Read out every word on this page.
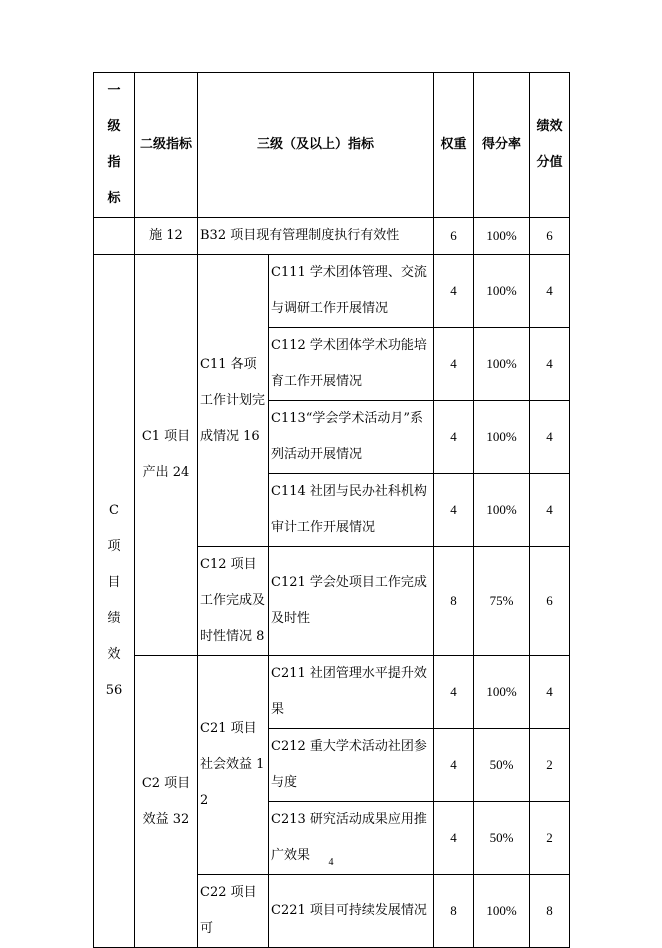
一级指标	二级指标	三级（及以上）指标		权重	得分率	绩效分值
	施 12	B32 项目现有管理制度执行有效性		6	100%	6
C 项目绩效 56	C1 项目产出 24	C11 各项工作计划完成情况 16	C111 学术团体管理、交流与调研工作开展情况	4	100%	4
			C112 学术团体学术功能培育工作开展情况	4	100%	4
			C113“学会学术活动月”系列活动开展情况	4	100%	4
			C114 社团与民办社科机构审计工作开展情况	4	100%	4
		C12 项目工作完成及时性情况 8	C121 学会处项目工作完成及时性	8	75%	6
	C2 项目效益 32	C21 项目社会效益 12	C211 社团管理水平提升效果	4	100%	4
			C212 重大学术活动社团参与度	4	50%	2
			C213 研究活动成果应用推广效果	4	50%	2
		C22 项目可	C221 项目可持续发展情况	8	100%	8
4
